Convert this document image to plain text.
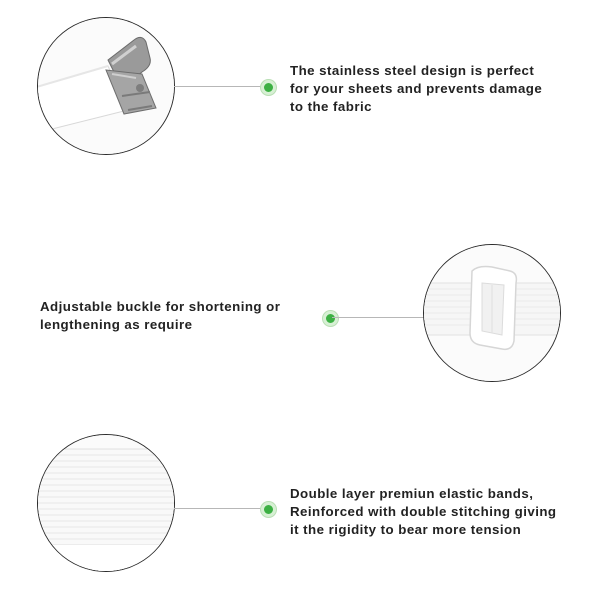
The stainless steel design is perfect
for your sheets and prevents damage
to the fabric
Adjustable buckle for shortening or
lengthening as require
Double layer premiun elastic bands,
Reinforced with double stitching giving
it the rigidity to bear more tension
